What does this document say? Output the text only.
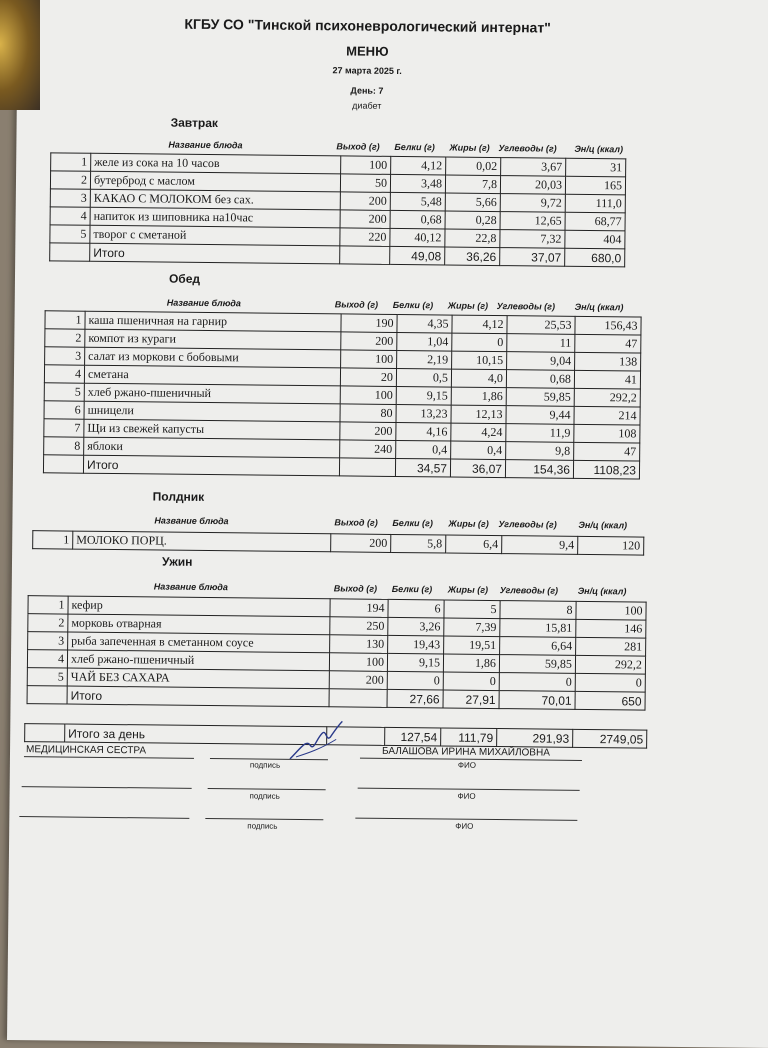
КГБУ СО "Тинской психоневрологический интернат"
МЕНЮ
27 марта 2025 г.
День: 7
диабет
Завтрак
Название блюда	Выход (г) Белки (г) Жиры (г) Углеводы (г) Эн/ц (ккал)
1	желе из сока на 10 часов	100	4,12	0,02	3,67	31
2	бутерброд с маслом	50	3,48	7,8	20,03	165
3	КАКАО С МОЛОКОМ без сах.	200	5,48	5,66	9,72	111,0
4	напиток из шиповника на10час	200	0,68	0,28	12,65	68,77
5	творог с сметаной	220	40,12	22,8	7,32	404
	Итого		49,08	36,26	37,07	680,0
Обед
Название блюда	Выход (г) Белки (г) Жиры (г) Углеводы (г) Эн/ц (ккал)
1	каша пшеничная на гарнир	190	4,35	4,12	25,53	156,43
2	компот из кураги	200	1,04	0	11	47
3	салат из моркови с бобовыми	100	2,19	10,15	9,04	138
4	сметана	20	0,5	4,0	0,68	41
5	хлеб ржано-пшеничный	100	9,15	1,86	59,85	292,2
6	шницели	80	13,23	12,13	9,44	214
7	Щи из свежей капусты	200	4,16	4,24	11,9	108
8	яблоки	240	0,4	0,4	9,8	47
	Итого		34,57	36,07	154,36	1108,23
Полдник
Название блюда	Выход (г) Белки (г) Жиры (г) Углеводы (г) Эн/ц (ккал)
1	МОЛОКО ПОРЦ.	200	5,8	6,4	9,4	120
Ужин
Название блюда	Выход (г) Белки (г) Жиры (г) Углеводы (г) Эн/ц (ккал)
1	кефир	194	6	5	8	100
2	морковь отварная	250	3,26	7,39	15,81	146
3	рыба запеченная в сметанном соусе	130	19,43	19,51	6,64	281
4	хлеб ржано-пшеничный	100	9,15	1,86	59,85	292,2
5	ЧАЙ БЕЗ САХАРА	200	0	0	0	0
	Итого		27,66	27,91	70,01	650
	Итого за день		127,54	111,79	291,93	2749,05
МЕДИЦИНСКАЯ СЕСТРА	БАЛАШОВА ИРИНА МИХАЙЛОВНА
подпись	ФИО
подпись	ФИО
подпись	ФИО
